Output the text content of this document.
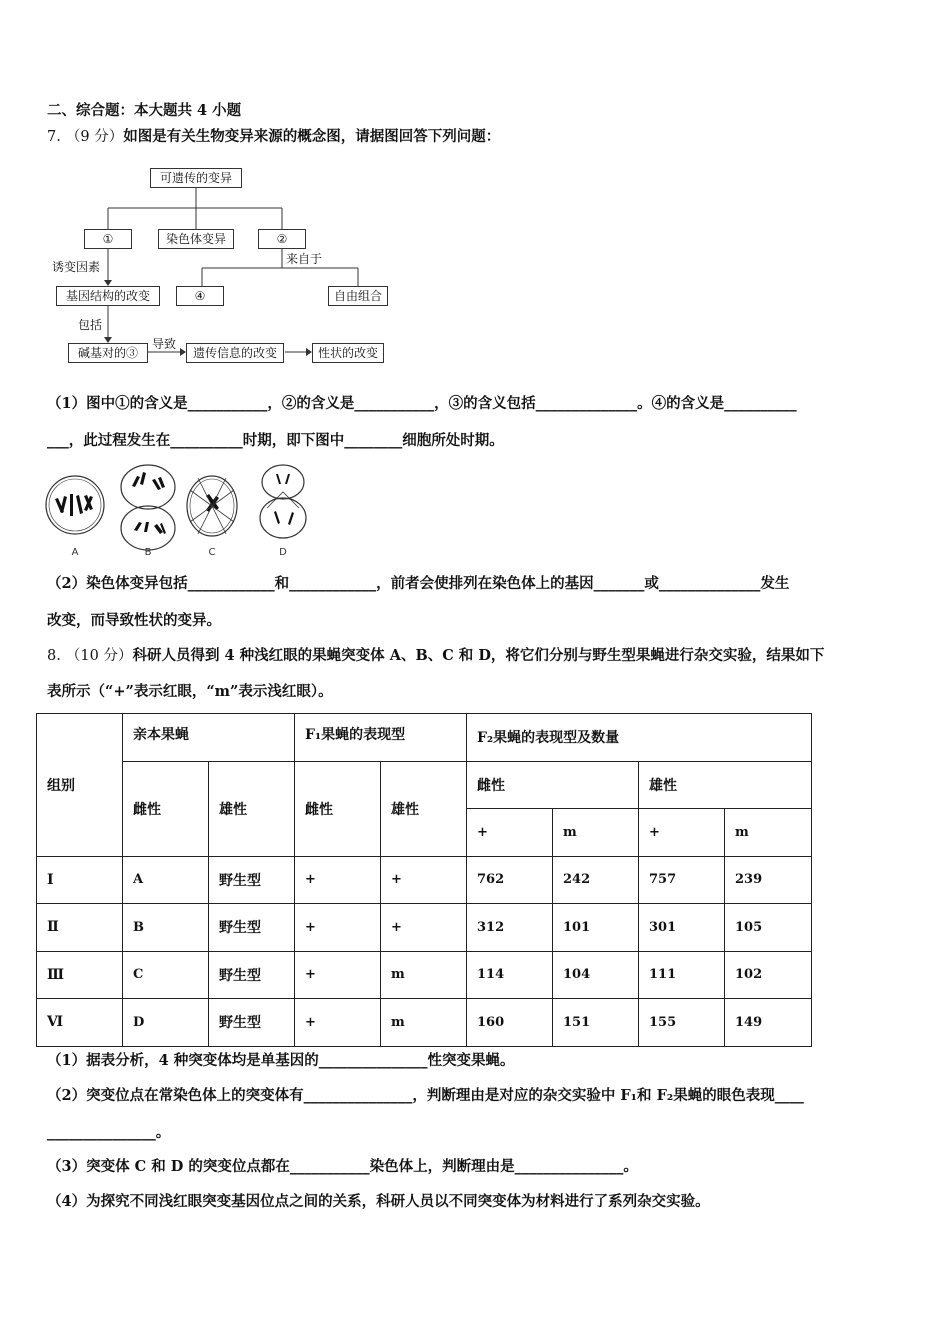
二、综合题：本大题共 4 小题
7. （9 分）如图是有关生物变异来源的概念图，请据图回答下列问题：
可遗传的变异
①	染色体变异	②
诱变因素
来自于
基因结构的改变	④	自由组合
包括
导致
碱基对的③	遗传信息的改变	性状的改变
（1）图中①的含义是___________，②的含义是___________，③的含义包括______________。④的含义是__________
___，此过程发生在__________时期，即下图中________细胞所处时期。
A	B	C	D
（2）染色体变异包括____________和____________，前者会使排列在染色体上的基因_______或______________发生
改变，而导致性状的变异。
8. （10 分）科研人员得到 4 种浅红眼的果蝇突变体 A、B、C 和 D，将它们分别与野生型果蝇进行杂交实验，结果如下
表所示（“+”表示红眼，“m”表示浅红眼）。
组别	亲本果蝇		F₁果蝇的表现型		F₂果蝇的表现型及数量			
	雌性	雄性	雌性	雄性	雌性		雄性	
					+	m	+	m
Ⅰ	A	野生型	+	+	762	242	757	239
Ⅱ	B	野生型	+	+	312	101	301	105
Ⅲ	C	野生型	+	m	114	104	111	102
Ⅵ	D	野生型	+	m	160	151	155	149
（1）据表分析，4 种突变体均是单基因的_______________性突变果蝇。
（2）突变位点在常染色体上的突变体有_______________，判断理由是对应的杂交实验中 F₁和 F₂果蝇的眼色表现____
_______________。
（3）突变体 C 和 D 的突变位点都在___________染色体上，判断理由是_______________。
（4）为探究不同浅红眼突变基因位点之间的关系，科研人员以不同突变体为材料进行了系列杂交实验。
